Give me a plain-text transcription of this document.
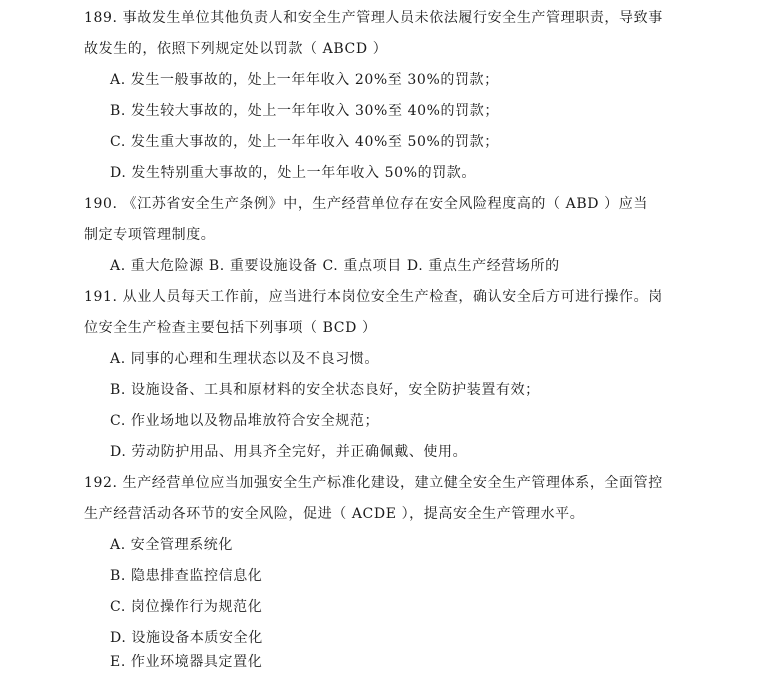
189. 事故发生单位其他负责人和安全生产管理人员未依法履行安全生产管理职责，导致事
故发生的，依照下列规定处以罚款（ ABCD ）
A. 发生一般事故的，处上一年年收入 20%至 30%的罚款；
B. 发生较大事故的，处上一年年收入 30%至 40%的罚款；
C. 发生重大事故的，处上一年年收入 40%至 50%的罚款；
D. 发生特别重大事故的，处上一年年收入 50%的罚款。
190. 《江苏省安全生产条例》中，生产经营单位存在安全风险程度高的（ ABD ）应当
制定专项管理制度。
A. 重大危险源 B. 重要设施设备 C. 重点项目 D. 重点生产经营场所的
191. 从业人员每天工作前，应当进行本岗位安全生产检查，确认安全后方可进行操作。岗
位安全生产检查主要包括下列事项（ BCD ）
A. 同事的心理和生理状态以及不良习惯。
B. 设施设备、工具和原材料的安全状态良好，安全防护装置有效；
C. 作业场地以及物品堆放符合安全规范；
D. 劳动防护用品、用具齐全完好，并正确佩戴、使用。
192. 生产经营单位应当加强安全生产标准化建设，建立健全安全生产管理体系，全面管控
生产经营活动各环节的安全风险，促进（ ACDE ），提高安全生产管理水平。
A. 安全管理系统化
B. 隐患排查监控信息化
C. 岗位操作行为规范化
D. 设施设备本质安全化
E. 作业环境器具定置化
